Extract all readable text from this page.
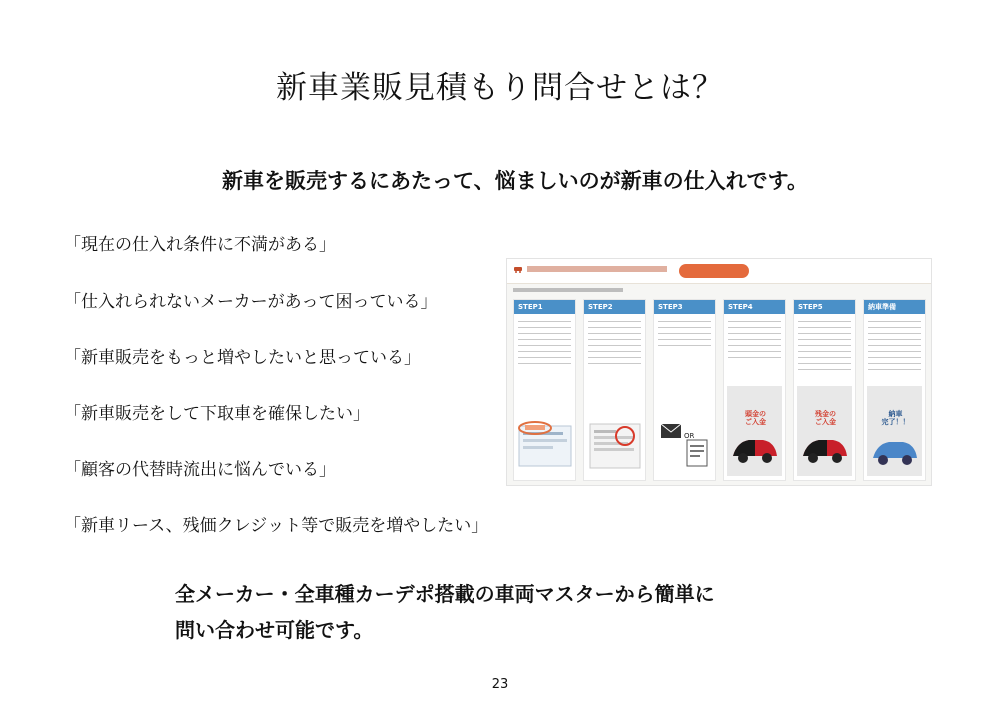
新車業販見積もり問合せとは？
新車を販売するにあたって、悩ましいのが新車の仕入れです。
「現在の仕入れ条件に不満がある」
「仕入れられないメーカーがあって困っている」
「新車販売をもっと増やしたいと思っている」
「新車販売をして下取車を確保したい」
「顧客の代替時流出に悩んでいる」
「新車リース、残価クレジット等で販売を増やしたい」
STEP1	STEP2	STEP3
OR
STEP4
頭金の
ご入金
STEP5
残金の
ご入金
納車準備
納車
完了！！
全メーカー・全車種カーデポ搭載の車両マスターから簡単に
問い合わせ可能です。
23
